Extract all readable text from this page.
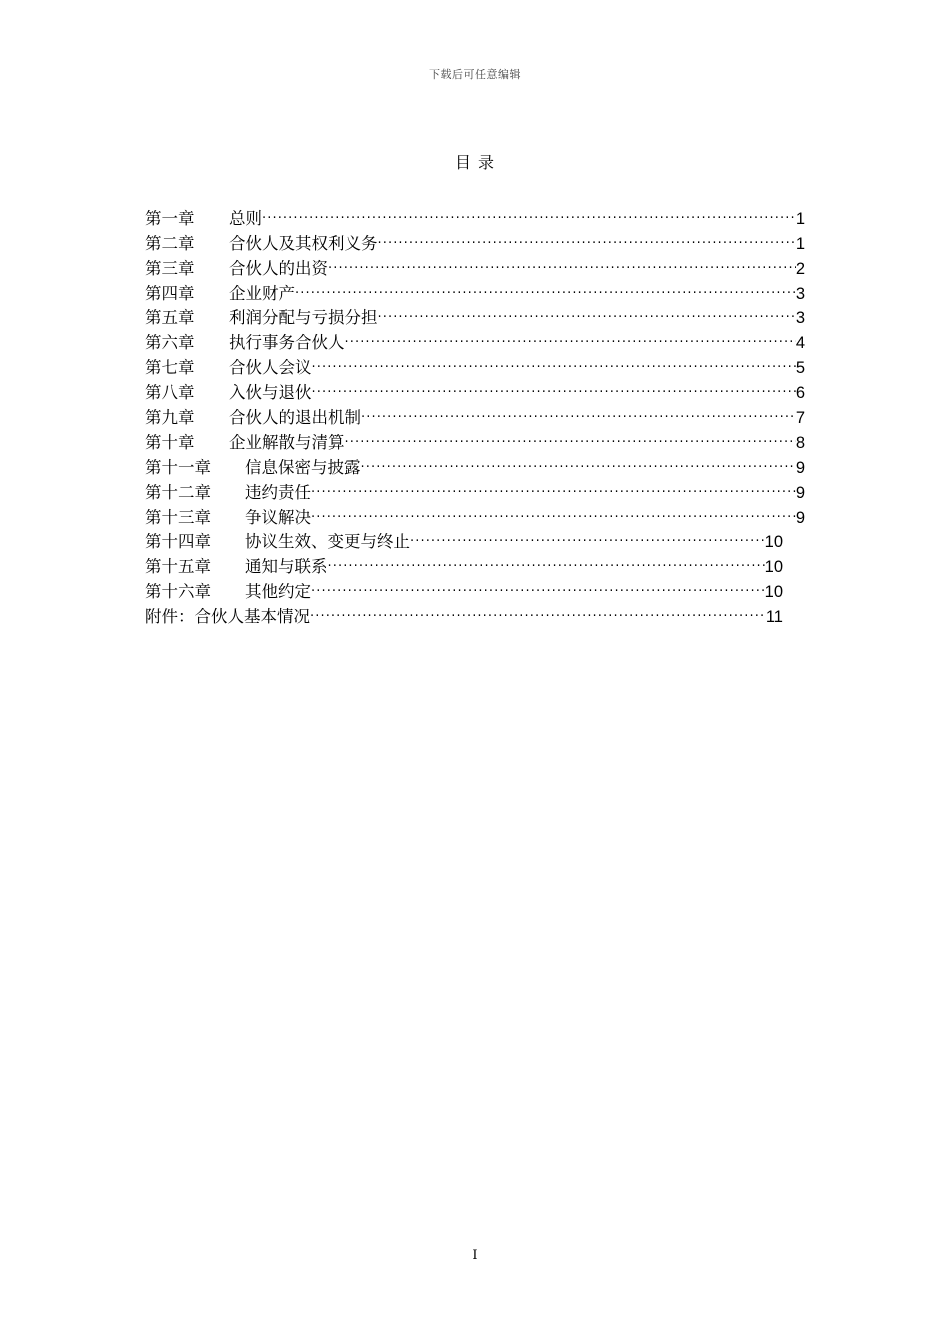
下载后可任意编辑
目 录
第一章	总则 .....	1
第二章	合伙人及其权利义务 .....	1
第三章	合伙人的出资 .....	2
第四章	企业财产 .....	3
第五章	利润分配与亏损分担 .....	3
第六章	执行事务合伙人 .....	4
第七章	合伙人会议 .....	5
第八章	入伙与退伙 .....	6
第九章	合伙人的退出机制 .....	7
第十章	企业解散与清算 .....	8
第十一章	信息保密与披露 .....	9
第十二章	违约责任 .....	9
第十三章	争议解决 .....	9
第十四章	协议生效、变更与终止 .....	10
第十五章	通知与联系 .....	10
第十六章	其他约定 .....	10
附件： 合伙人基本情况 .....	11
I
